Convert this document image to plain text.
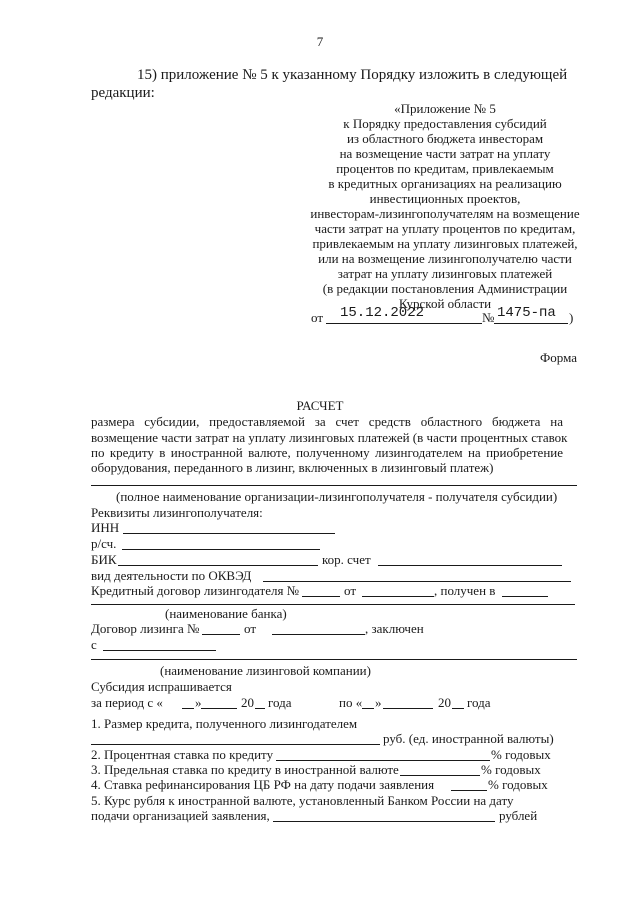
7
15) приложение № 5 к указанному Порядку изложить в следующей
редакции:
«Приложение № 5
к Порядку предоставления субсидий
из областного бюджета инвесторам
на возмещение части затрат на уплату
процентов по кредитам, привлекаемым
в кредитных организациях на реализацию
инвестиционных проектов,
инвесторам-лизингополучателям на возмещение
части затрат на уплату процентов по кредитам,
привлекаемым на уплату лизинговых платежей,
или на возмещение лизингополучателю части
затрат на уплату лизинговых платежей
(в редакции постановления Администрации
Курской области
от 15.12.2022	№ 1475-па )
Форма
РАСЧЕТ
размера субсидии, предоставляемой за счет средств областного бюджета на
возмещение части затрат на уплату лизинговых платежей (в части процентных ставок
по кредиту в иностранной валюте, полученному лизингодателем на приобретение
оборудования, переданного в лизинг, включенных в лизинговый платеж)
(полное наименование организации-лизингополучателя - получателя субсидии)
Реквизиты лизингополучателя:
ИНН
р/сч.
БИК	кор. счет
вид деятельности по ОКВЭД
Кредитный договор лизингодателя №	от	, получен в
(наименование банка)
Договор лизинга №	от	, заключен
с
(наименование лизинговой компании)
Субсидия испрашивается
за период с « »	20 года	по « »	20 года
1. Размер кредита, полученного лизингодателем
руб. (ед. иностранной валюты)
2. Процентная ставка по кредиту	% годовых
3. Предельная ставка по кредиту в иностранной валюте	% годовых
4. Ставка рефинансирования ЦБ РФ на дату подачи заявления	% годовых
5. Курс рубля к иностранной валюте, установленный Банком России на дату
подачи организацией заявления,	рублей
